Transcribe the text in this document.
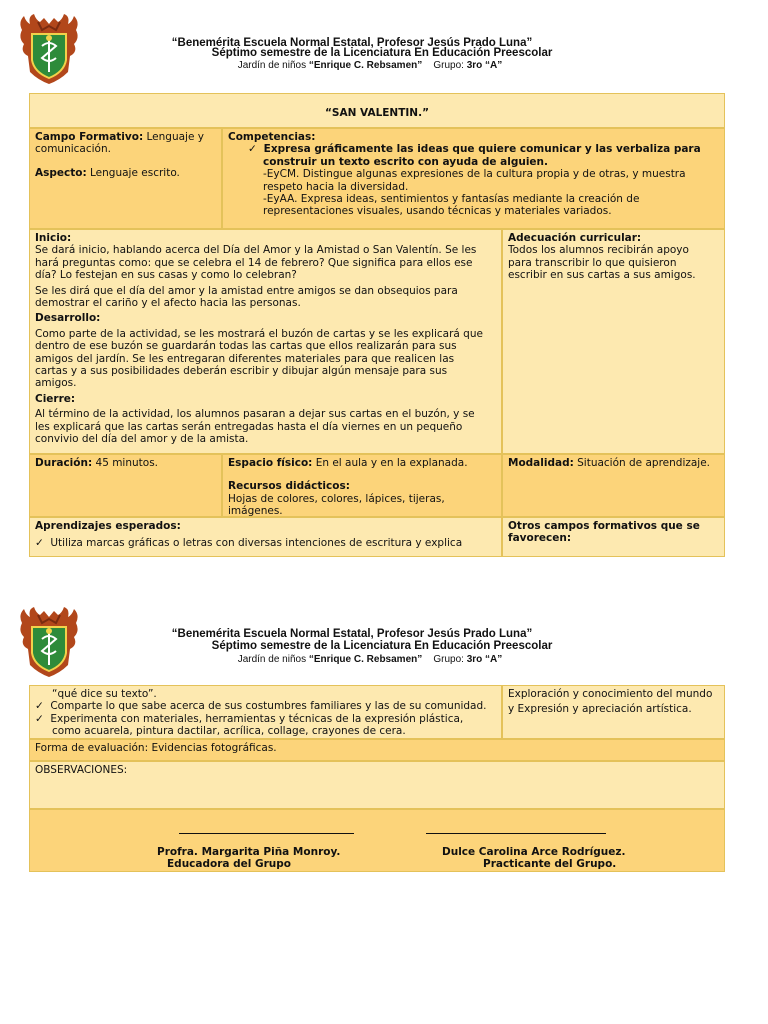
“Benemérita Escuela Normal Estatal, Profesor Jesús Prado Luna”
Séptimo semestre de la Licenciatura En Educación Preescolar
Jardín de niños “Enrique C. Rebsamen” Grupo: 3ro “A”
“SAN VALENTIN.”

Campo Formativo: Lenguaje y

comunicación.

Aspecto: Lenguaje escrito.

Competencias:

✓ Expresa gráficamente las ideas que quiere comunicar y las verbaliza para

construir un texto escrito con ayuda de alguien.

-EyCM. Distingue algunas expresiones de la cultura propia y de otras, y muestra

respeto hacia la diversidad.

-EyAA. Expresa ideas, sentimientos y fantasías mediante la creación de

representaciones visuales, usando técnicas y materiales variados.

Inicio:

Se dará inicio, hablando acerca del Día del Amor y la Amistad o San Valentín. Se les

hará preguntas como: que se celebra el 14 de febrero? Que significa para ellos ese

día? Lo festejan en sus casas y como lo celebran?

Se les dirá que el día del amor y la amistad entre amigos se dan obsequios para

demostrar el cariño y el afecto hacia las personas.

Desarrollo:

Como parte de la actividad, se les mostrará el buzón de cartas y se les explicará que

dentro de ese buzón se guardarán todas las cartas que ellos realizarán para sus

amigos del jardín. Se les entregaran diferentes materiales para que realicen las

cartas y a sus posibilidades deberán escribir y dibujar algún mensaje para sus

amigos.

Cierre:

Al término de la actividad, los alumnos pasaran a dejar sus cartas en el buzón, y se

les explicará que las cartas serán entregadas hasta el día viernes en un pequeño

convivio del día del amor y de la amista.

Adecuación curricular:

Todos los alumnos recibirán apoyo

para transcribir lo que quisieron

escribir en sus cartas a sus amigos.

Duración: 45 minutos.	Espacio físico: En el aula y en la explanada.

Recursos didácticos:

Hojas de colores, colores, lápices, tijeras,

imágenes.

Modalidad: Situación de aprendizaje.

Aprendizajes esperados:

✓ Utiliza marcas gráficas o letras con diversas intenciones de escritura y explica

Otros campos formativos que se

favorecen:

“Benemérita Escuela Normal Estatal, Profesor Jesús Prado Luna”
Séptimo semestre de la Licenciatura En Educación Preescolar
Jardín de niños “Enrique C. Rebsamen” Grupo: 3ro “A”

“qué dice su texto”.

✓ Comparte lo que sabe acerca de sus costumbres familiares y las de su comunidad.

✓ Experimenta con materiales, herramientas y técnicas de la expresión plástica,

como acuarela, pintura dactilar, acrílica, collage, crayones de cera.

Exploración y conocimiento del mundo

y Expresión y apreciación artística.

Forma de evaluación: Evidencias fotográficas.
OBSERVACIONES:
Profra. Margarita Piña Monroy.
Educadora del Grupo
Dulce Carolina Arce Rodríguez.
Practicante del Grupo.
